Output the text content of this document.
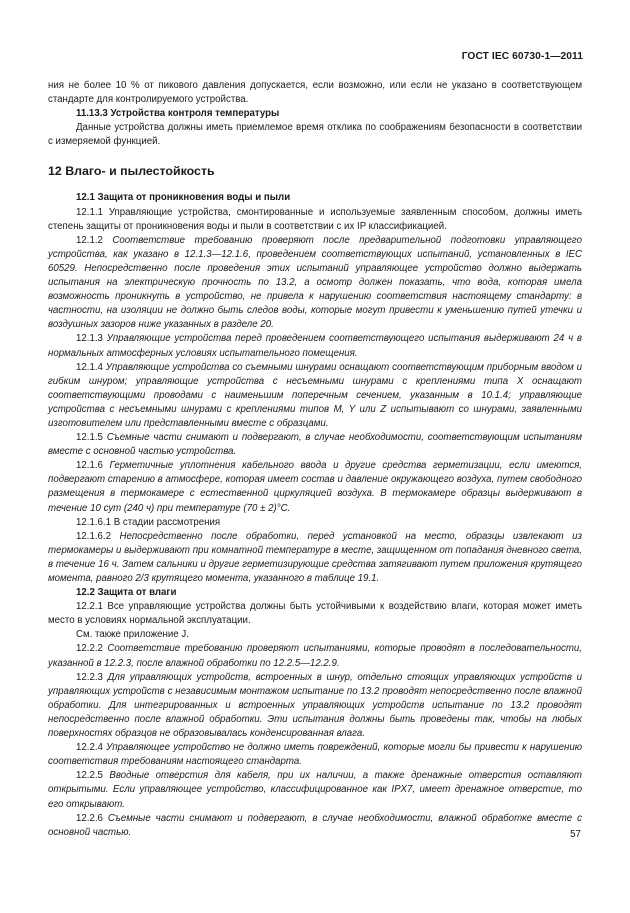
ГОСТ IEC 60730-1—2011

ния не более 10 % от пикового давления допускается, если возможно, или если не указано в соответствующем стандарте для контролируемого устройства.

11.13.3 Устройства контроля температуры

Данные устройства должны иметь приемлемое время отклика по соображениям безопасности в соответствии с измеряемой функцией.

12 Влаго- и пылестойкость

12.1 Защита от проникновения воды и пыли

12.1.1 Управляющие устройства, смонтированные и используемые заявленным способом, должны иметь степень защиты от проникновения воды и пыли в соответствии с их IP классификацией.

12.1.2 Соответствие требованию проверяют после предварительной подготовки управляющего устройства, как указано в 12.1.3—12.1.6, проведением соответствующих испытаний, установленных в IEC 60529. Непосредственно после проведения этих испытаний управляющее устройство должно выдержать испытания на электрическую прочность по 13.2, а осмотр должен показать, что вода, которая имела возможность проникнуть в устройство, не привела к нарушению соответствия настоящему стандарту: в частности, на изоляции не должно быть следов воды, которые могут привести к уменьшению путей утечки и воздушных зазоров ниже указанных в разделе 20.

12.1.3 Управляющие устройства перед проведением соответствующего испытания выдерживают 24 ч в нормальных атмосферных условиях испытательного помещения.

12.1.4 Управляющие устройства со съемными шнурами оснащают соответствующим приборным вводом и гибким шнуром; управляющие устройства с несъемными шнурами с креплениями типа X оснащают соответствующими проводами с наименьшим поперечным сечением, указанным в 10.1.4; управляющие устройства с несъемными шнурами с креплениями типов M, Y или Z испытывают со шнурами, заявленными изготовителем или представленными вместе с образцами.

12.1.5 Съемные части снимают и подвергают, в случае необходимости, соответствующим испытаниям вместе с основной частью устройства.

12.1.6 Герметичные уплотнения кабельного ввода и другие средства герметизации, если имеются, подвергают старению в атмосфере, которая имеет состав и давление окружающего воздуха, путем свободного размещения в термокамере с естественной циркуляцией воздуха. В термокамере образцы выдерживают в течение 10 сут (240 ч) при температуре (70 ± 2)°C.

12.1.6.1 В стадии рассмотрения

12.1.6.2 Непосредственно после обработки, перед установкой на место, образцы извлекают из термокамеры и выдерживают при комнатной температуре в месте, защищенном от попадания дневного света, в течение 16 ч. Затем сальники и другие герметизирующие средства затягивают путем приложения крутящего момента, равного 2/3 крутящего момента, указанного в таблице 19.1.

12.2 Защита от влаги

12.2.1 Все управляющие устройства должны быть устойчивыми к воздействию влаги, которая может иметь место в условиях нормальной эксплуатации.

См. также приложение J.

12.2.2 Соответствие требованию проверяют испытаниями, которые проводят в последовательности, указанной в 12.2.3, после влажной обработки по 12.2.5—12.2.9.

12.2.3 Для управляющих устройств, встроенных в шнур, отдельно стоящих управляющих устройств и управляющих устройств с независимым монтажом испытание по 13.2 проводят непосредственно после влажной обработки. Для интегрированных и встроенных управляющих устройств испытание по 13.2 проводят непосредственно после влажной обработки. Эти испытания должны быть проведены так, чтобы на любых поверхностях образцов не образовывалась конденсированная влага.

12.2.4 Управляющее устройство не должно иметь повреждений, которые могли бы привести к нарушению соответствия требованиям настоящего стандарта.

12.2.5 Вводные отверстия для кабеля, при их наличии, а также дренажные отверстия оставляют открытыми. Если управляющее устройство, классифицированное как IPX7, имеет дренажное отверстие, то его открывают.

12.2.6 Съемные части снимают и подвергают, в случае необходимости, влажной обработке вместе с основной частью.	57
